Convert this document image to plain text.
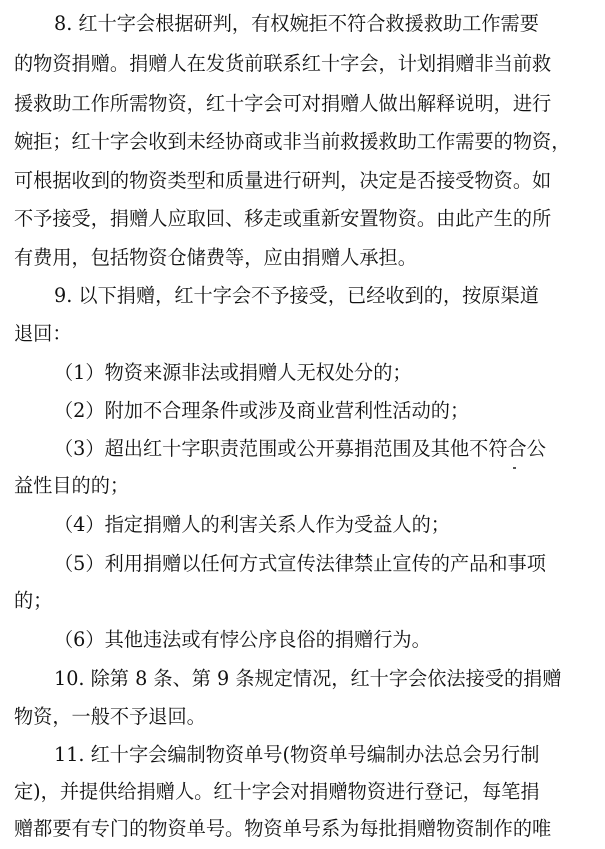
8. 红十字会根据研判，有权婉拒不符合救援救助工作需要
的物资捐赠。捐赠人在发货前联系红十字会，计划捐赠非当前救
援救助工作所需物资，红十字会可对捐赠人做出解释说明，进行
婉拒；红十字会收到未经协商或非当前救援救助工作需要的物资，
可根据收到的物资类型和质量进行研判，决定是否接受物资。如
不予接受，捐赠人应取回、移走或重新安置物资。由此产生的所
有费用，包括物资仓储费等，应由捐赠人承担。
9. 以下捐赠，红十字会不予接受，已经收到的，按原渠道
退回：
（1）物资来源非法或捐赠人无权处分的；
（2）附加不合理条件或涉及商业营利性活动的；
（3）超出红十字职责范围或公开募捐范围及其他不符合公
益性目的的；
（4）指定捐赠人的利害关系人作为受益人的；
（5）利用捐赠以任何方式宣传法律禁止宣传的产品和事项
的；
（6）其他违法或有悖公序良俗的捐赠行为。
10. 除第 8 条、第 9 条规定情况，红十字会依法接受的捐赠
物资，一般不予退回。
11. 红十字会编制物资单号(物资单号编制办法总会另行制
定)，并提供给捐赠人。红十字会对捐赠物资进行登记，每笔捐
赠都要有专门的物资单号。物资单号系为每批捐赠物资制作的唯
